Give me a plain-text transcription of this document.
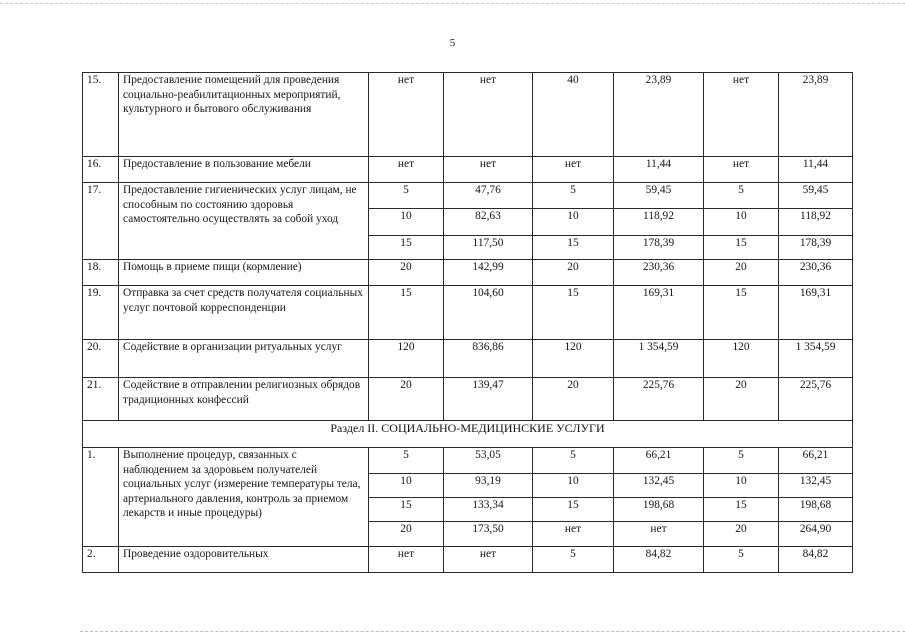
5
15.	Предоставление помещений для проведения социально-реабилитационных мероприятий, культурного и бытового обслуживания	нет	нет	40	23,89	нет	23,89
16.	Предоставление в пользование мебели	нет	нет	нет	11,44	нет	11,44
17.	Предоставление гигиенических услуг лицам, не способным по состоянию здоровья самостоятельно осуществлять за собой уход	5	47,76	5	59,45	5	59,45
		10	82,63	10	118,92	10	118,92
		15	117,50	15	178,39	15	178,39
18.	Помощь в приеме пищи (кормление)	20	142,99	20	230,36	20	230,36
19.	Отправка за счет средств получателя социальных услуг почтовой корреспонденции	15	104,60	15	169,31	15	169,31
20.	Содействие в организации ритуальных услуг	120	836,86	120	1 354,59	120	1 354,59
21.	Содействие в отправлении религиозных обрядов традиционных конфессий	20	139,47	20	225,76	20	225,76
Раздел II. СОЦИАЛЬНО-МЕДИЦИНСКИЕ УСЛУГИ							
1.	Выполнение процедур, связанных с наблюдением за здоровьем получателей социальных услуг (измерение температуры тела, артериального давления, контроль за приемом лекарств и иные процедуры)	5	53,05	5	66,21	5	66,21
		10	93,19	10	132,45	10	132,45
		15	133,34	15	198,68	15	198,68
		20	173,50	нет	нет	20	264,90
2.	Проведение оздоровительных	нет	нет	5	84,82	5	84,82
